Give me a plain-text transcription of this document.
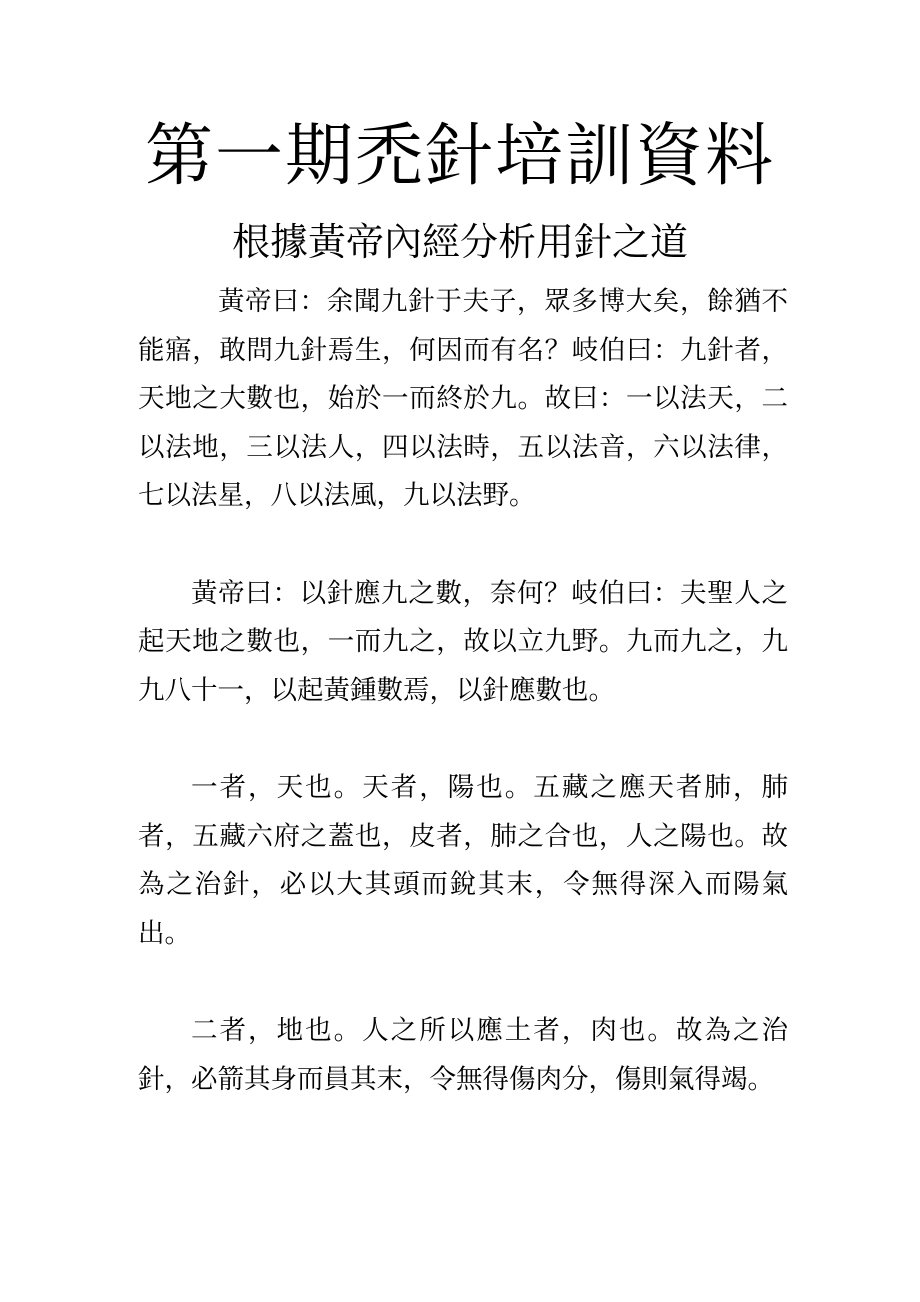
第一期禿針培訓資料
根據黃帝內經分析用針之道

黃帝曰：余聞九針于夫子，眾多博大矣，餘猶不能寤，敢問九針焉生，何因而有名？岐伯曰：九針者，天地之大數也，始於一而終於九。故曰：一以法天，二以法地，三以法人，四以法時，五以法音，六以法律，七以法星，八以法風，九以法野。

黃帝曰：以針應九之數，奈何？岐伯曰：夫聖人之起天地之數也，一而九之，故以立九野。九而九之，九九八十一，以起黃鍾數焉，以針應數也。

一者，天也。天者，陽也。五藏之應天者肺，肺者，五藏六府之蓋也，皮者，肺之合也，人之陽也。故為之治針，必以大其頭而銳其末，令無得深入而陽氣出。

二者，地也。人之所以應土者，肉也。故為之治針，必箭其身而員其末，令無得傷肉分，傷則氣得竭。
